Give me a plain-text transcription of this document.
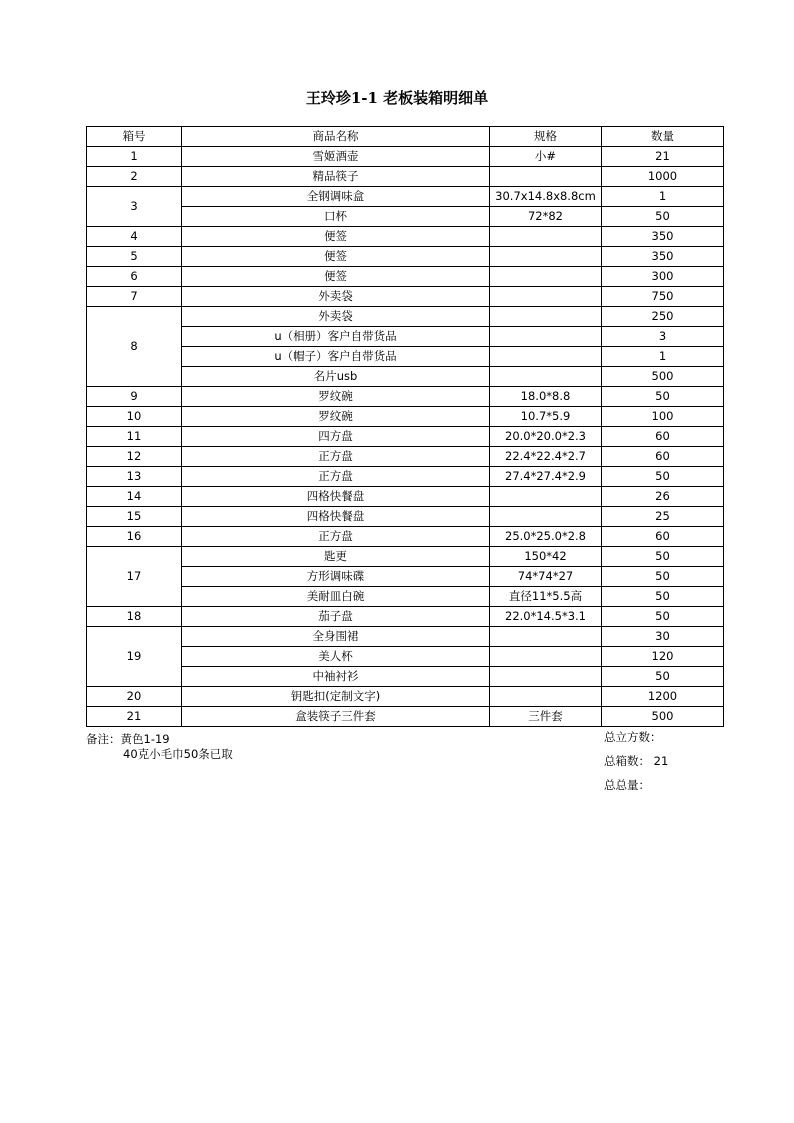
王玲珍1-1 老板装箱明细单
箱号	商品名称	规格	数量
1	雪姬酒壶	小#	21
2	精品筷子		1000
3	全钢调味盒	30.7x14.8x8.8cm	1
	口杯	72*82	50
4	便签		350
5	便签		350
6	便签		300
7	外卖袋		750
8	外卖袋		250
	u（相册）客户自带货品		3
	u（帽子）客户自带货品		1
	名片usb		500
9	罗纹碗	18.0*8.8	50
10	罗纹碗	10.7*5.9	100
11	四方盘	20.0*20.0*2.3	60
12	正方盘	22.4*22.4*2.7	60
13	正方盘	27.4*27.4*2.9	50
14	四格快餐盘		26
15	四格快餐盘		25
16	正方盘	25.0*25.0*2.8	60
17	匙更	150*42	50
	方形调味碟	74*74*27	50
	美耐皿白碗	直径11*5.5高	50
18	茄子盘	22.0*14.5*3.1	50
19	全身围裙		30
	美人杯		120
	中袖衬衫		50
20	钥匙扣(定制文字)		1200
21	盒装筷子三件套	三件套	500
备注：黄色1-19
40克小毛巾50条已取
总立方数：
总箱数： 21
总总量：
